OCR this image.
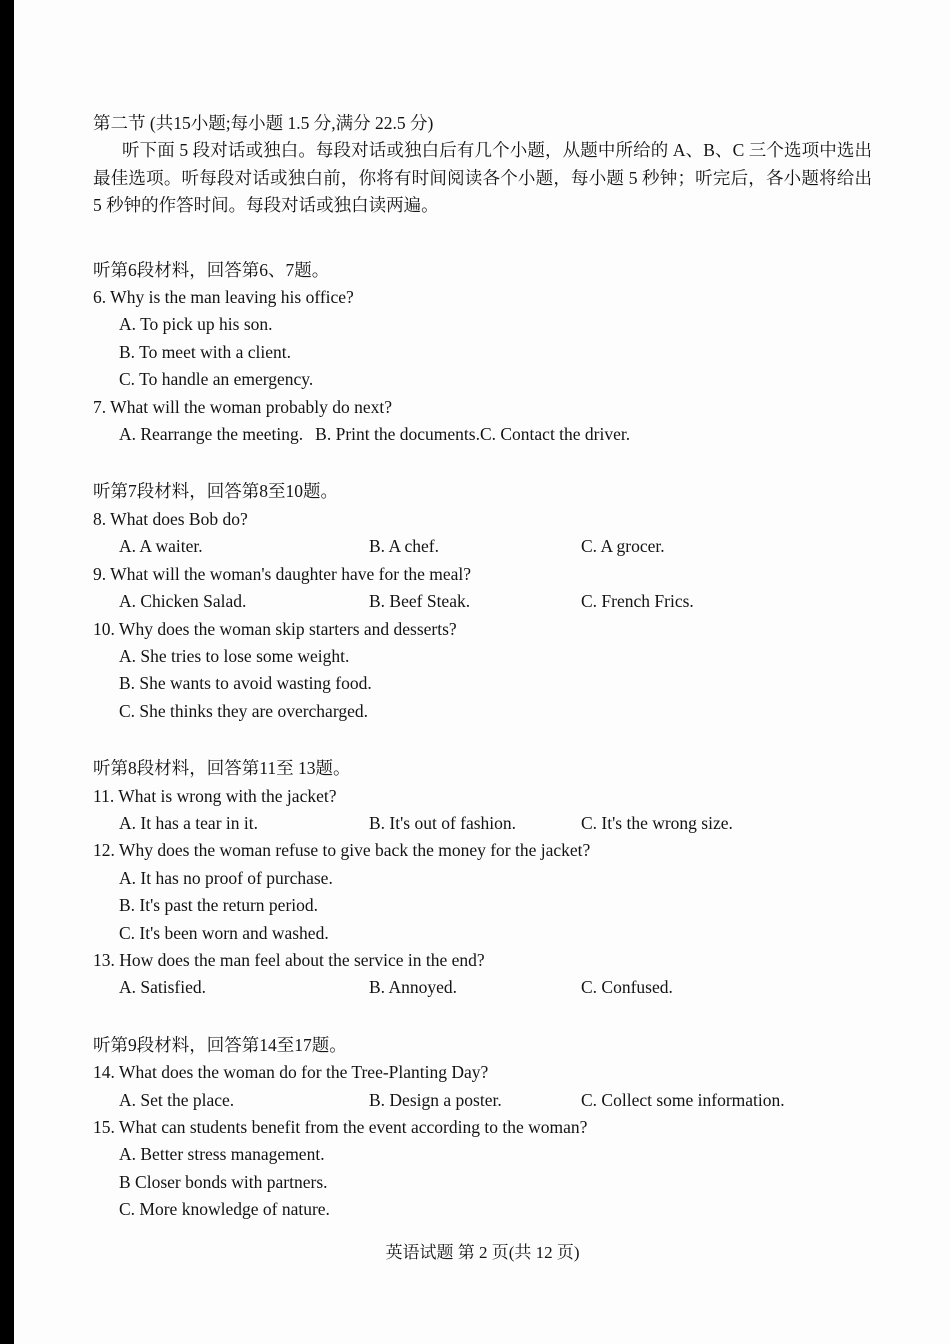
第二节 (共15小题;每小题 1.5 分,满分 22.5 分)

听下面 5 段对话或独白。每段对话或独白后有几个小题，从题中所给的 A、B、C 三个选项中选出最佳选项。听每段对话或独白前，你将有时间阅读各个小题，每小题 5 秒钟；听完后，各小题将给出 5 秒钟的作答时间。每段对话或独白读两遍。

听第6段材料，回答第6、7题。
6. Why is the man leaving his office?
A. To pick up his son.
B. To meet with a client.
C. To handle an emergency.
7. What will the woman probably do next?
A. Rearrange the meeting. B. Print the documents.C. Contact the driver.
听第7段材料，回答第8至10题。
8. What does Bob do?
A. A waiter.	B. A chef.	C. A grocer.
9. What will the woman's daughter have for the meal?
A. Chicken Salad.	B. Beef Steak.	C. French Frics.
10. Why does the woman skip starters and desserts?
A. She tries to lose some weight.
B. She wants to avoid wasting food.
C. She thinks they are overcharged.
听第8段材料，回答第11至 13题。
11. What is wrong with the jacket?
A. It has a tear in it.	B. It's out of fashion.	C. It's the wrong size.
12. Why does the woman refuse to give back the money for the jacket?
A. It has no proof of purchase.
B. It's past the return period.
C. It's been worn and washed.
13. How does the man feel about the service in the end?
A. Satisfied.	B. Annoyed.	C. Confused.
听第9段材料，回答第14至17题。
14. What does the woman do for the Tree-Planting Day?
A. Set the place.	B. Design a poster.	C. Collect some information.
15. What can students benefit from the event according to the woman?
A. Better stress management.
B Closer bonds with partners.
C. More knowledge of nature.
英语试题 第 2 页(共 12 页)
